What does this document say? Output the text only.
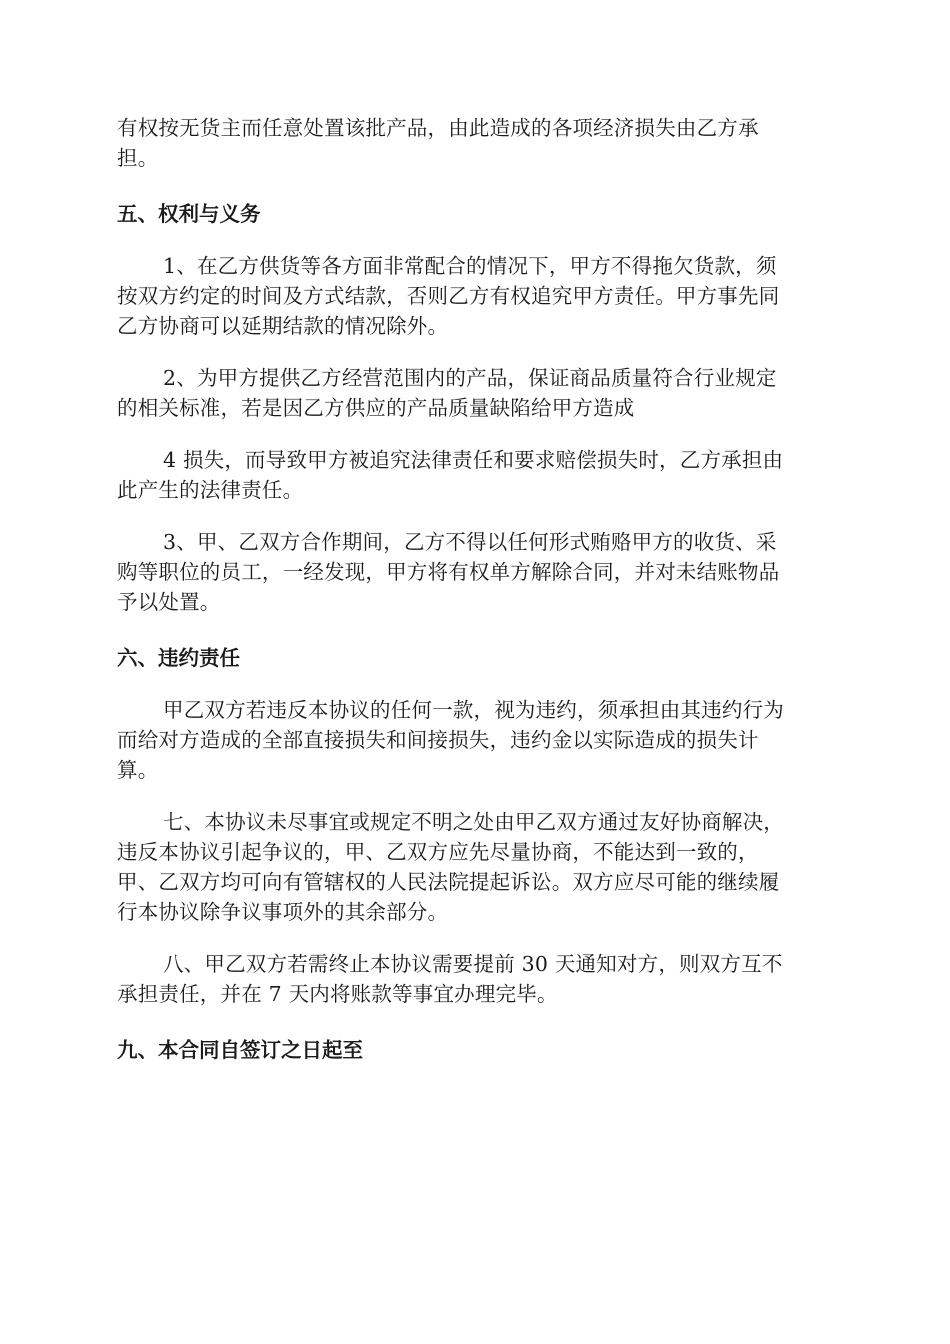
有权按无货主而任意处置该批产品，由此造成的各项经济损失由乙方承
担。
五、权利与义务
1、在乙方供货等各方面非常配合的情况下，甲方不得拖欠货款，须
按双方约定的时间及方式结款，否则乙方有权追究甲方责任。甲方事先同
乙方协商可以延期结款的情况除外。
2、为甲方提供乙方经营范围内的产品，保证商品质量符合行业规定
的相关标准，若是因乙方供应的产品质量缺陷给甲方造成
4 损失，而导致甲方被追究法律责任和要求赔偿损失时，乙方承担由
此产生的法律责任。
3、甲、乙双方合作期间，乙方不得以任何形式贿赂甲方的收货、采
购等职位的员工，一经发现，甲方将有权单方解除合同，并对未结账物品
予以处置。
六、违约责任
甲乙双方若违反本协议的任何一款，视为违约，须承担由其违约行为
而给对方造成的全部直接损失和间接损失，违约金以实际造成的损失计
算。
七、本协议未尽事宜或规定不明之处由甲乙双方通过友好协商解决，
违反本协议引起争议的，甲、乙双方应先尽量协商，不能达到一致的，
甲、乙双方均可向有管辖权的人民法院提起诉讼。双方应尽可能的继续履
行本协议除争议事项外的其余部分。
八、甲乙双方若需终止本协议需要提前 30 天通知对方，则双方互不
承担责任，并在 7 天内将账款等事宜办理完毕。
九、本合同自签订之日起至
